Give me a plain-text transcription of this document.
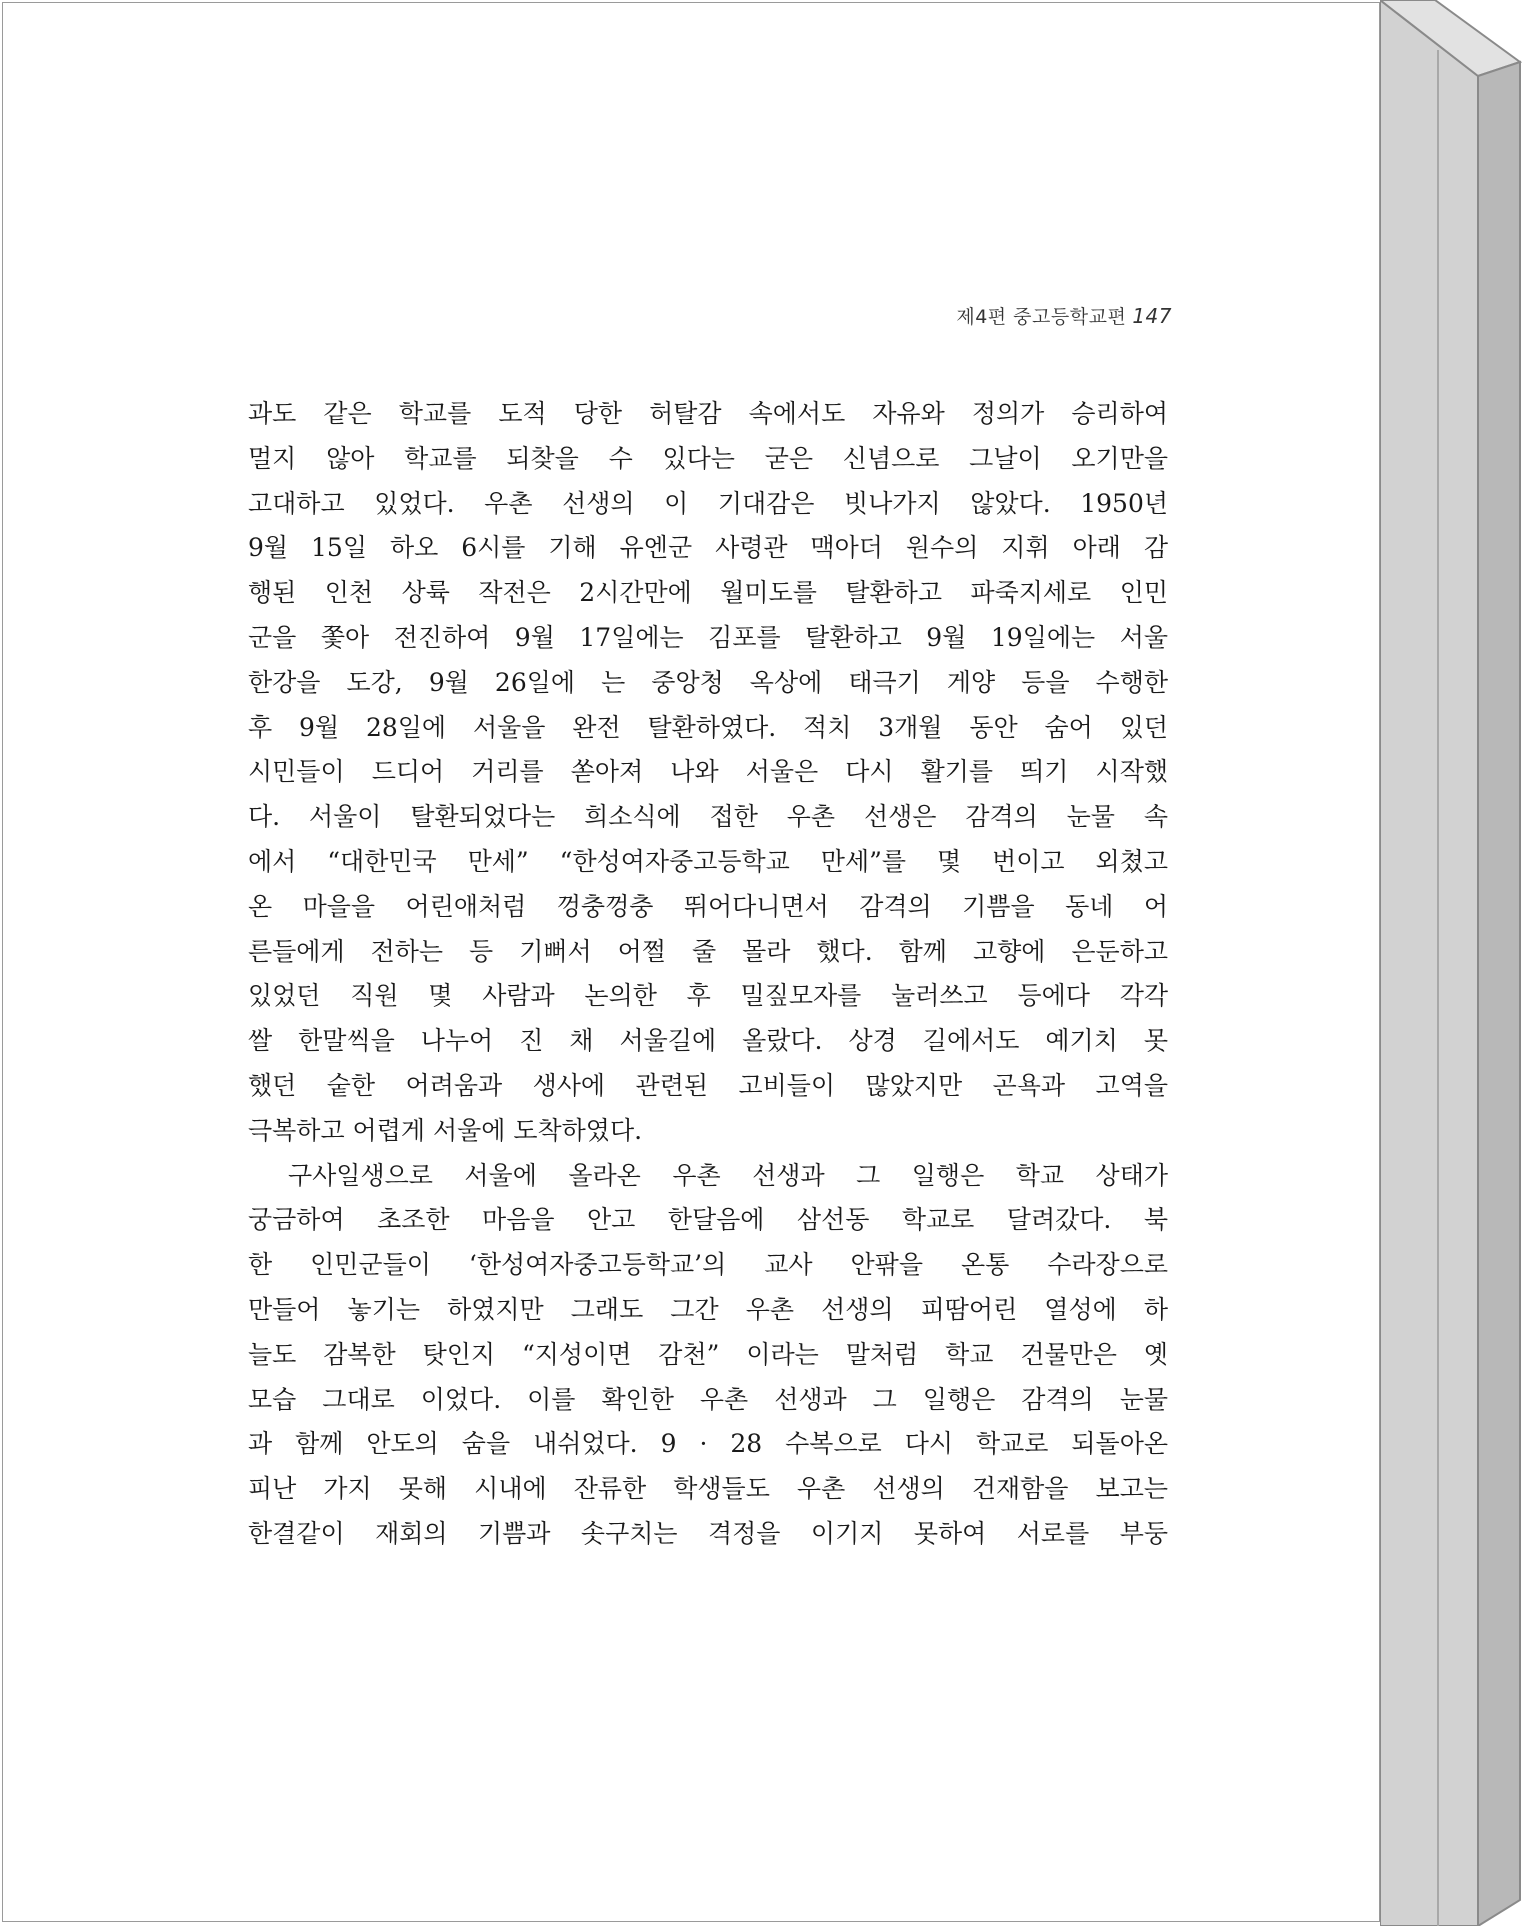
제4편 중고등학교편 147
과도 같은 학교를 도적 당한 허탈감 속에서도 자유와 정의가 승리하여
멀지 않아 학교를 되찾을 수 있다는 굳은 신념으로 그날이 오기만을
고대하고 있었다. 우촌 선생의 이 기대감은 빗나가지 않았다. 1950년
9월 15일 하오 6시를 기해 유엔군 사령관 맥아더 원수의 지휘 아래 감
행된 인천 상륙 작전은 2시간만에 월미도를 탈환하고 파죽지세로 인민
군을 쫓아 전진하여 9월 17일에는 김포를 탈환하고 9월 19일에는 서울
한강을 도강, 9월 26일에 는 중앙청 옥상에 태극기 게양 등을 수행한
후 9월 28일에 서울을 완전 탈환하였다. 적치 3개월 동안 숨어 있던
시민들이 드디어 거리를 쏟아져 나와 서울은 다시 활기를 띄기 시작했
다. 서울이 탈환되었다는 희소식에 접한 우촌 선생은 감격의 눈물 속
에서 “대한민국 만세” “한성여자중고등학교 만세”를 몇 번이고 외쳤고
온 마을을 어린애처럼 껑충껑충 뛰어다니면서 감격의 기쁨을 동네 어
른들에게 전하는 등 기뻐서 어쩔 줄 몰라 했다. 함께 고향에 은둔하고
있었던 직원 몇 사람과 논의한 후 밀짚모자를 눌러쓰고 등에다 각각
쌀 한말씩을 나누어 진 채 서울길에 올랐다. 상경 길에서도 예기치 못
했던 숱한 어려움과 생사에 관련된 고비들이 많았지만 곤욕과 고역을
극복하고 어렵게 서울에 도착하였다.
구사일생으로 서울에 올라온 우촌 선생과 그 일행은 학교 상태가
궁금하여 초조한 마음을 안고 한달음에 삼선동 학교로 달려갔다. 북
한 인민군들이 ‘한성여자중고등학교’의 교사 안팎을 온통 수라장으로
만들어 놓기는 하였지만 그래도 그간 우촌 선생의 피땀어린 열성에 하
늘도 감복한 탓인지 “지성이면 감천” 이라는 말처럼 학교 건물만은 옛
모습 그대로 이었다. 이를 확인한 우촌 선생과 그 일행은 감격의 눈물
과 함께 안도의 숨을 내쉬었다. 9 · 28 수복으로 다시 학교로 되돌아온
피난 가지 못해 시내에 잔류한 학생들도 우촌 선생의 건재함을 보고는
한결같이 재회의 기쁨과 솟구치는 격정을 이기지 못하여 서로를 부둥
